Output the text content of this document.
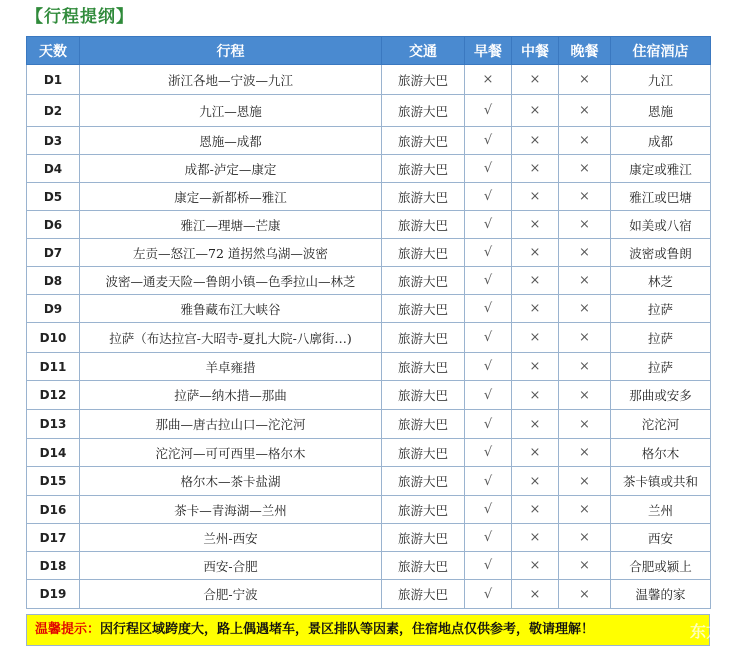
【行程提纲】
天数	行程	交通	早餐	中餐	晚餐	住宿酒店
D1	浙江各地—宁波—九江	旅游大巴	×	×	×	九江
D2	九江—恩施	旅游大巴	√	×	×	恩施
D3	恩施—成都	旅游大巴	√	×	×	成都
D4	成都-泸定—康定	旅游大巴	√	×	×	康定或雅江
D5	康定—新都桥—雅江	旅游大巴	√	×	×	雅江或巴塘
D6	雅江—理塘—芒康	旅游大巴	√	×	×	如美或八宿
D7	左贡—怒江—72 道拐然乌湖—波密	旅游大巴	√	×	×	波密或鲁朗
D8	波密—通麦天险—鲁朗小镇—色季拉山—林芝	旅游大巴	√	×	×	林芝
D9	雅鲁藏布江大峡谷	旅游大巴	√	×	×	拉萨
D10	拉萨（布达拉宫-大昭寺-夏扎大院-八廓街…)	旅游大巴	√	×	×	拉萨
D11	羊卓雍措	旅游大巴	√	×	×	拉萨
D12	拉萨—纳木措—那曲	旅游大巴	√	×	×	那曲或安多
D13	那曲—唐古拉山口—沱沱河	旅游大巴	√	×	×	沱沱河
D14	沱沱河—可可西里—格尔木	旅游大巴	√	×	×	格尔木
D15	格尔木—茶卡盐湖	旅游大巴	√	×	×	茶卡镇或共和
D16	茶卡—青海湖—兰州	旅游大巴	√	×	×	兰州
D17	兰州-西安	旅游大巴	√	×	×	西安
D18	西安-合肥	旅游大巴	√	×	×	合肥或颍上
D19	合肥-宁波	旅游大巴	√	×	×	温馨的家
温馨提示：因行程区域跨度大，路上偶遇堵车，景区排队等因素，住宿地点仅供参考，敬请理解！	东方论
